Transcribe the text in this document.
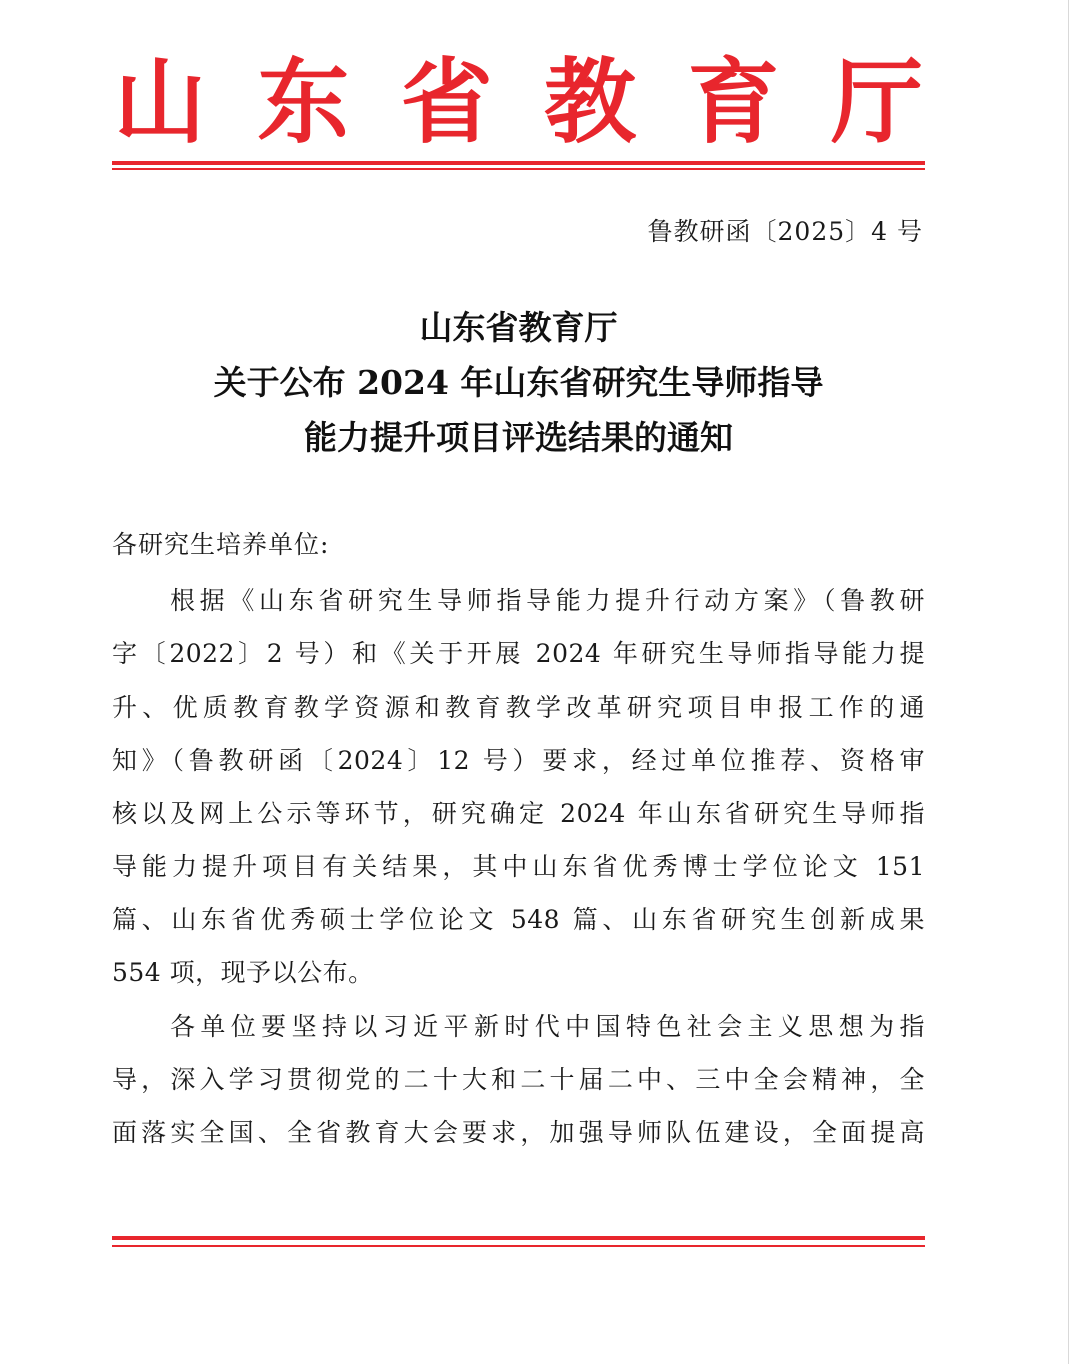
山 东 省 教 育 厅
鲁教研函〔2025〕4 号
山东省教育厅
关于公布 2024 年山东省研究生导师指导
能力提升项目评选结果的通知
各研究生培养单位:
根据《山东省研究生导师指导能力提升行动方案》（鲁教研
字〔2022〕2 号）和《关于开展 2024 年研究生导师指导能力提
升、优质教育教学资源和教育教学改革研究项目申报工作的通
知》（鲁教研函〔2024〕12 号）要求，经过单位推荐、资格审
核以及网上公示等环节，研究确定 2024 年山东省研究生导师指
导能力提升项目有关结果，其中山东省优秀博士学位论文 151
篇、山东省优秀硕士学位论文 548 篇、山东省研究生创新成果
554 项，现予以公布。
各单位要坚持以习近平新时代中国特色社会主义思想为指
导，深入学习贯彻党的二十大和二十届二中、三中全会精神，全
面落实全国、全省教育大会要求，加强导师队伍建设，全面提高
